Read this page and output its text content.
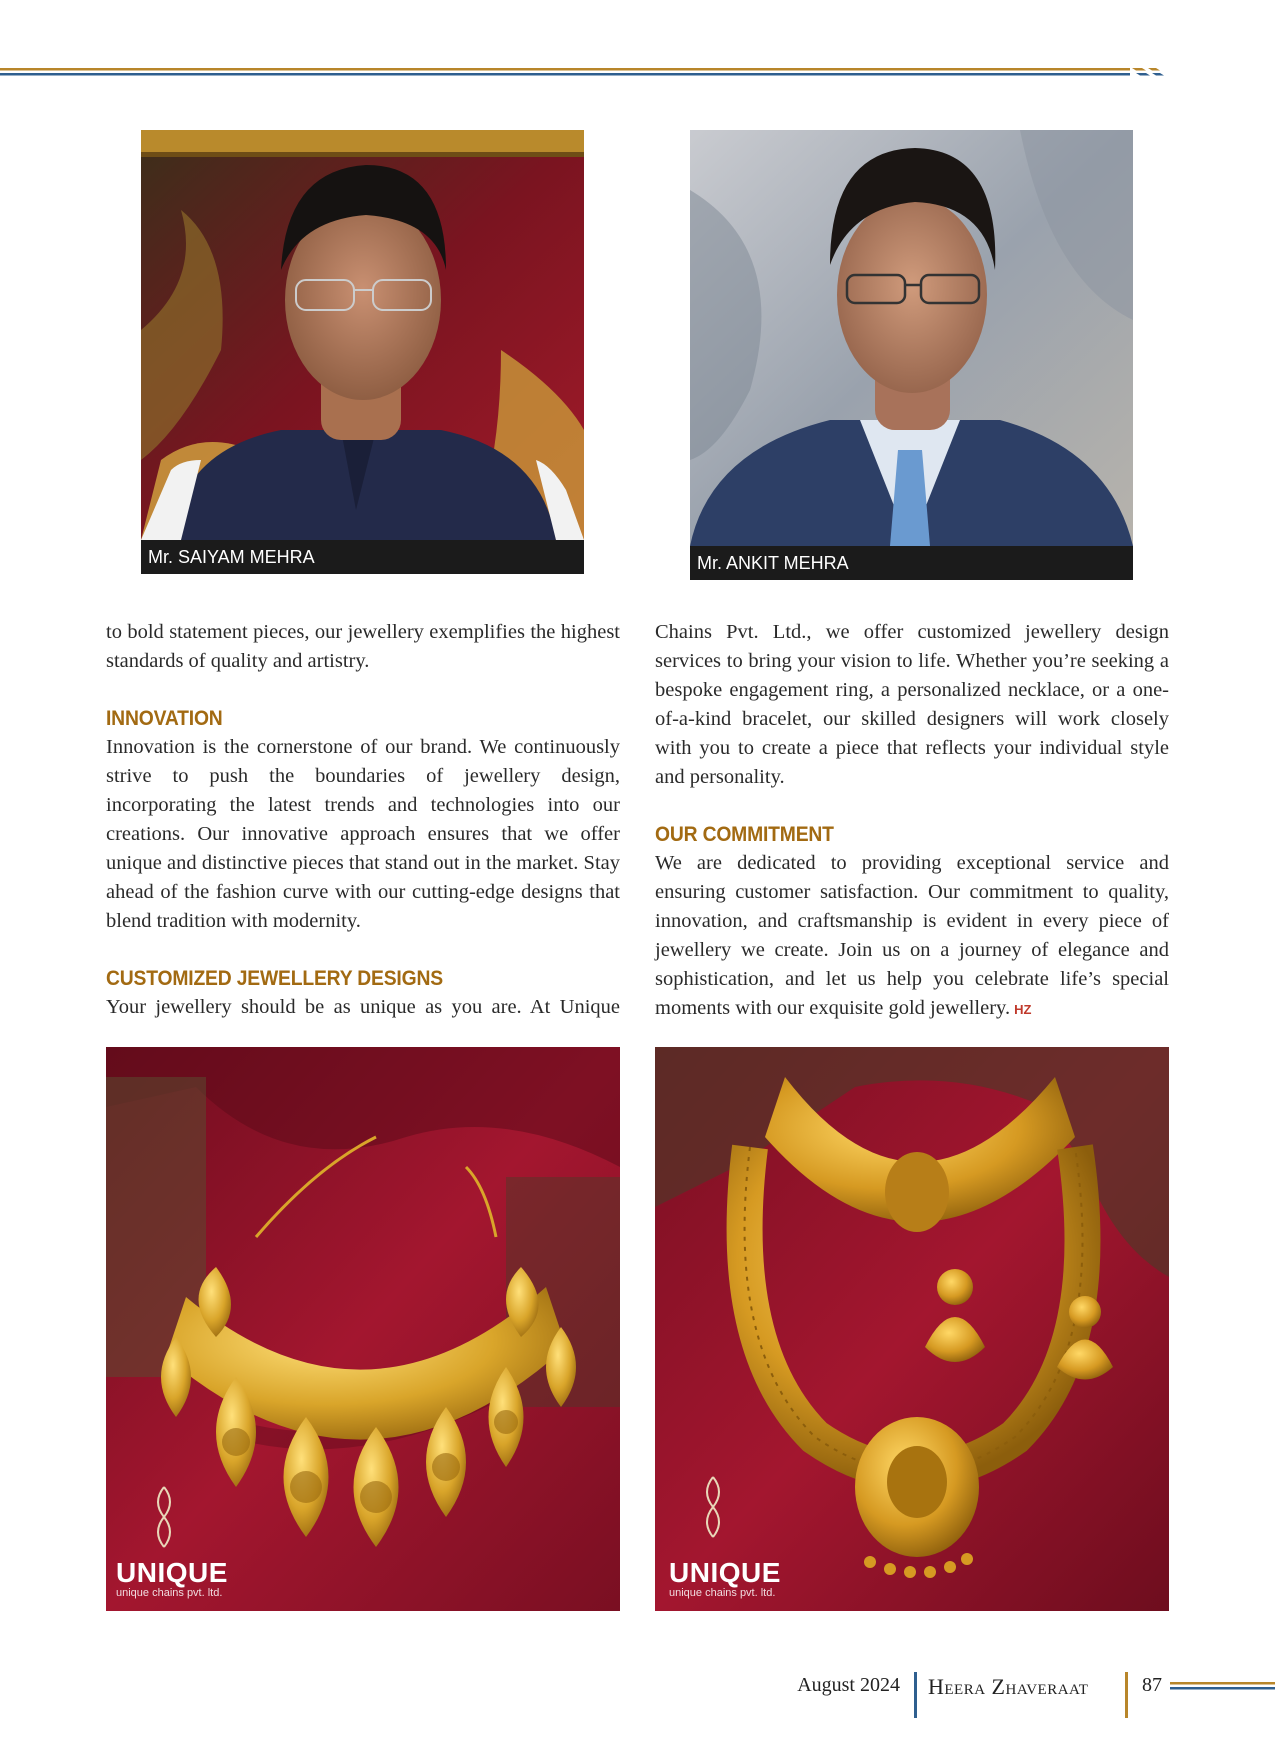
Mr. SAIYAM MEHRA	Mr. ANKIT MEHRA

to bold statement pieces, our jewellery exemplifies the highest standards of quality and artistry.

INNOVATION

Innovation is the cornerstone of our brand. We continuously strive to push the boundaries of jewellery design, incorporating the latest trends and technologies into our creations. Our innovative approach ensures that we offer unique and distinctive pieces that stand out in the market. Stay ahead of the fashion curve with our cutting-edge designs that blend tradition with modernity.

CUSTOMIZED JEWELLERY DESIGNS

Your jewellery should be as unique as you are. At Unique

Chains Pvt. Ltd., we offer customized jewellery design services to bring your vision to life. Whether you’re seeking a bespoke engagement ring, a personalized necklace, or a one-of-a-kind bracelet, our skilled designers will work closely with you to create a piece that reflects your individual style and personality.

OUR COMMITMENT

We are dedicated to providing exceptional service and ensuring customer satisfaction. Our commitment to quality, innovation, and craftsmanship is evident in every piece of jewellery we create. Join us on a journey of elegance and sophistication, and let us help you celebrate life’s special moments with our exquisite gold jewellery. HZ

UNIQUE
unique chains pvt. ltd.
UNIQUE
unique chains pvt. ltd.
August 2024 Heera Zhaveraat	87
